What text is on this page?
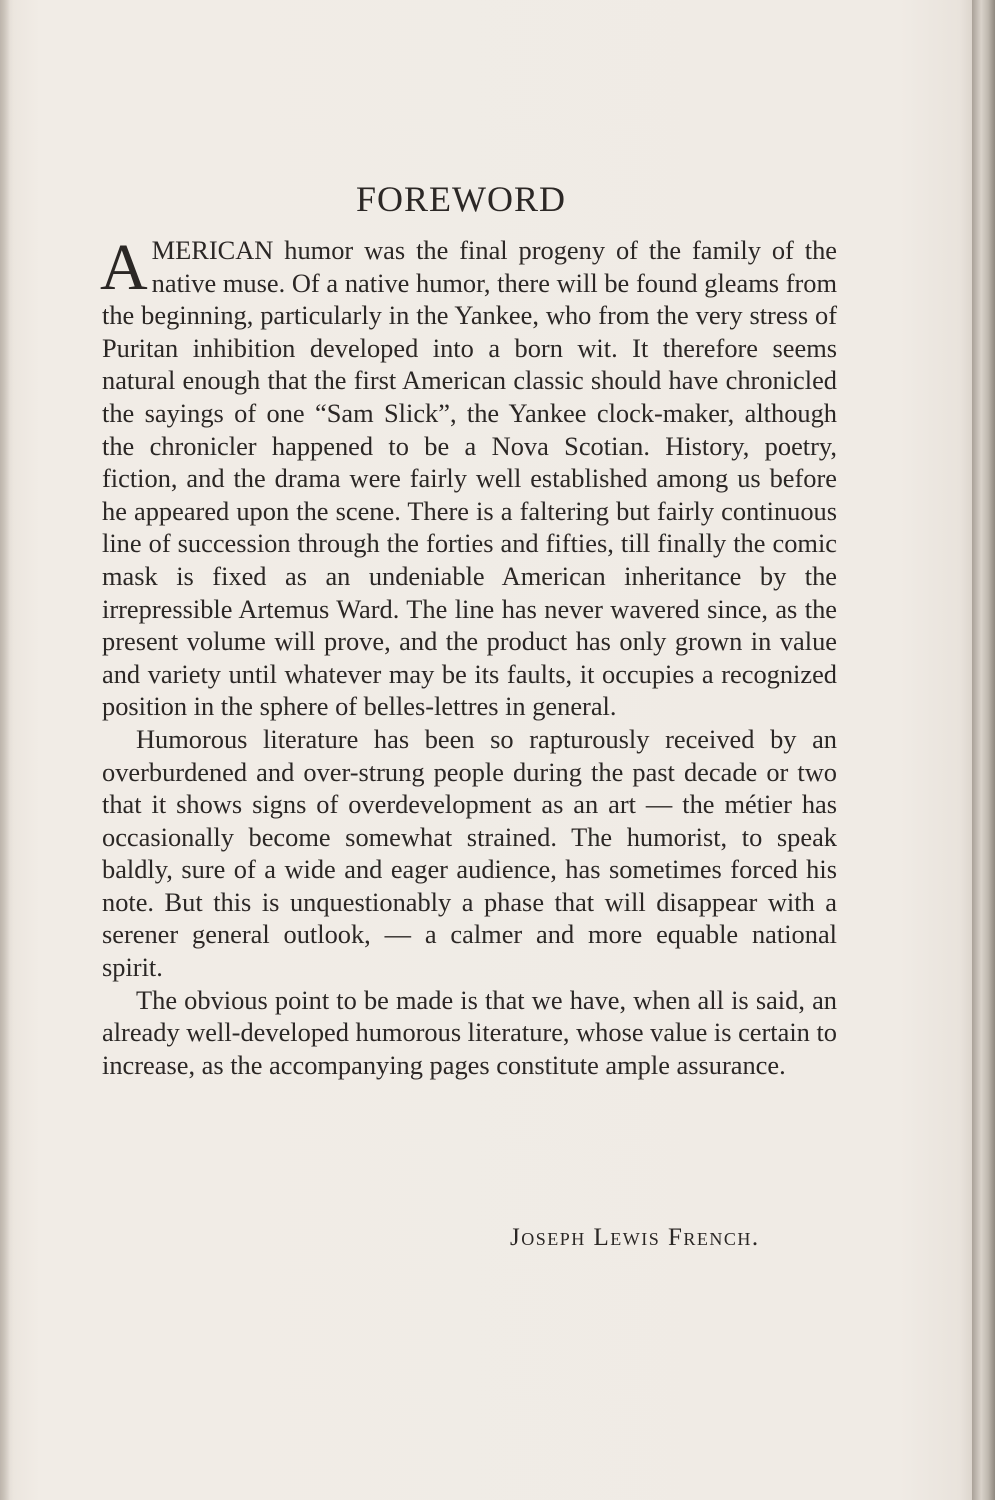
FOREWORD

AMERICAN humor was the final progeny of the family of the native muse. Of a native humor, there will be found gleams from the beginning, particularly in the Yankee, who from the very stress of Puritan inhibition developed into a born wit. It therefore seems natural enough that the first American classic should have chronicled the sayings of one “Sam Slick”, the Yankee clock-maker, although the chronicler happened to be a Nova Scotian. History, poetry, fiction, and the drama were fairly well established among us before he appeared upon the scene. There is a faltering but fairly continuous line of succession through the forties and fifties, till finally the comic mask is fixed as an undeniable American inheritance by the irrepressible Artemus Ward. The line has never wavered since, as the present volume will prove, and the product has only grown in value and variety until whatever may be its faults, it occupies a recognized position in the sphere of belles-lettres in general.

Humorous literature has been so rapturously received by an overburdened and over-strung people during the past decade or two that it shows signs of overdevelopment as an art — the métier has occasionally become somewhat strained. The humorist, to speak baldly, sure of a wide and eager audience, has sometimes forced his note. But this is unquestionably a phase that will disappear with a serener general outlook, — a calmer and more equable national spirit.

The obvious point to be made is that we have, when all is said, an already well-developed humorous literature, whose value is certain to increase, as the accompanying pages constitute ample assurance.

Joseph Lewis French.
